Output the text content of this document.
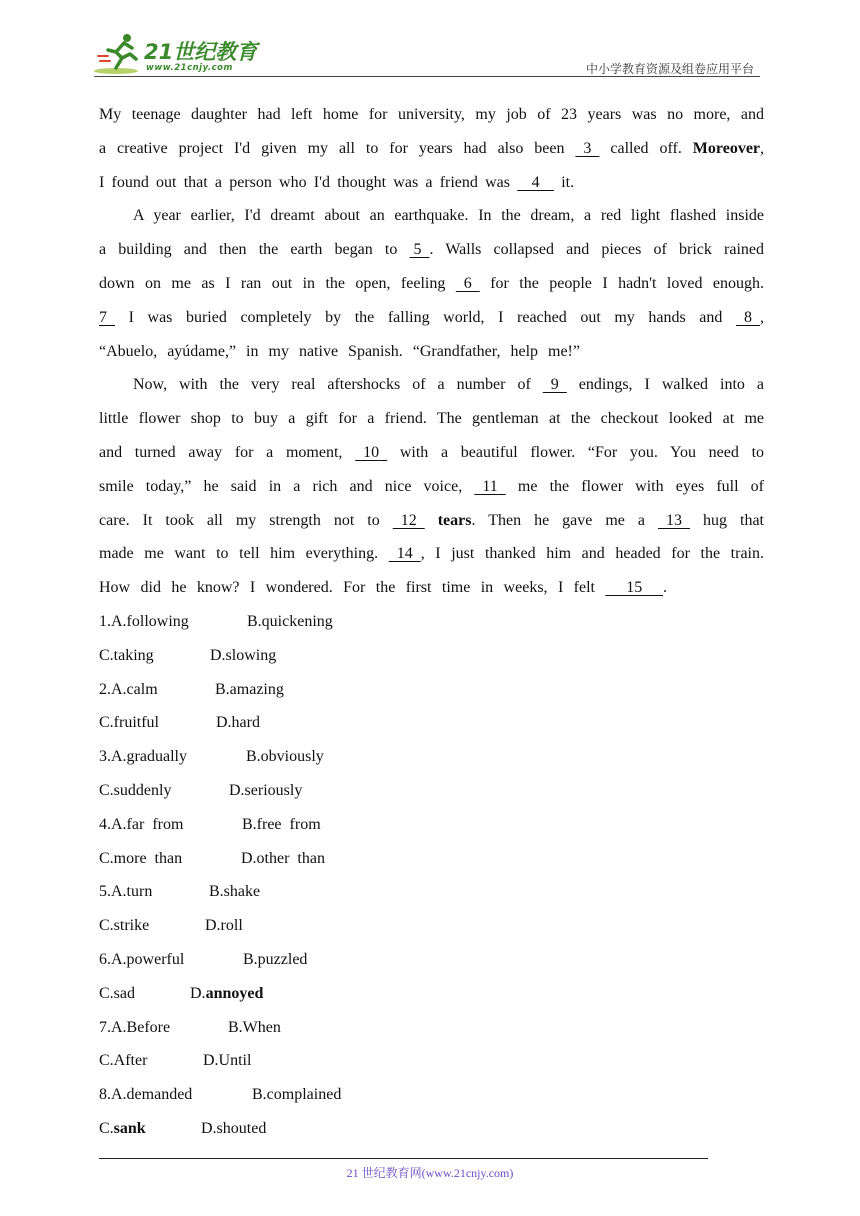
21世纪教育
www.21cnjy.com	中小学教育资源及组卷应用平台
My teenage daughter had left home for university, my job of 23 years was no more, and
a creative project I'd given my all to for years had also been   3   called off. Moreover,
I found out that a person who I'd thought was a friend was   4   it.
A year earlier, I'd dreamt about an earthquake. In the dream, a red light flashed inside
a building and then the earth began to  5  . Walls collapsed and pieces of brick rained
down on me as I ran out in the open, feeling   6   for the people I hadn't loved enough.
7   I was buried completely by the falling world, I reached out my hands and   8  ,
“Abuelo, ayúdame,” in my native Spanish. “Grandfather, help me!”
Now, with the very real aftershocks of a number of   9   endings, I walked into a
little flower shop to buy a gift for a friend. The gentleman at the checkout looked at me
and turned away for a moment,   10   with a beautiful flower. “For you. You need to
smile today,” he said in a rich and nice voice,   11   me the flower with eyes full of
care. It took all my strength not to   12   tears. Then he gave me a   13   hug that
made me want to tell him everything.   14  , I just thanked him and headed for the train.
How did he know? I wondered. For the first time in weeks, I felt   15  .
1.A.following	B.quickening
C.taking	D.slowing
2.A.calm	B.amazing
C.fruitful	D.hard
3.A.gradually	B.obviously
C.suddenly	D.seriously
4.A.far  from	B.free  from
C.more  than	D.other  than
5.A.turn	B.shake
C.strike	D.roll
6.A.powerful	B.puzzled
C.sad	D.annoyed
7.A.Before	B.When
C.After	D.Until
8.A.demanded	B.complained
C.sank	D.shouted
21 世纪教育网(www.21cnjy.com)
